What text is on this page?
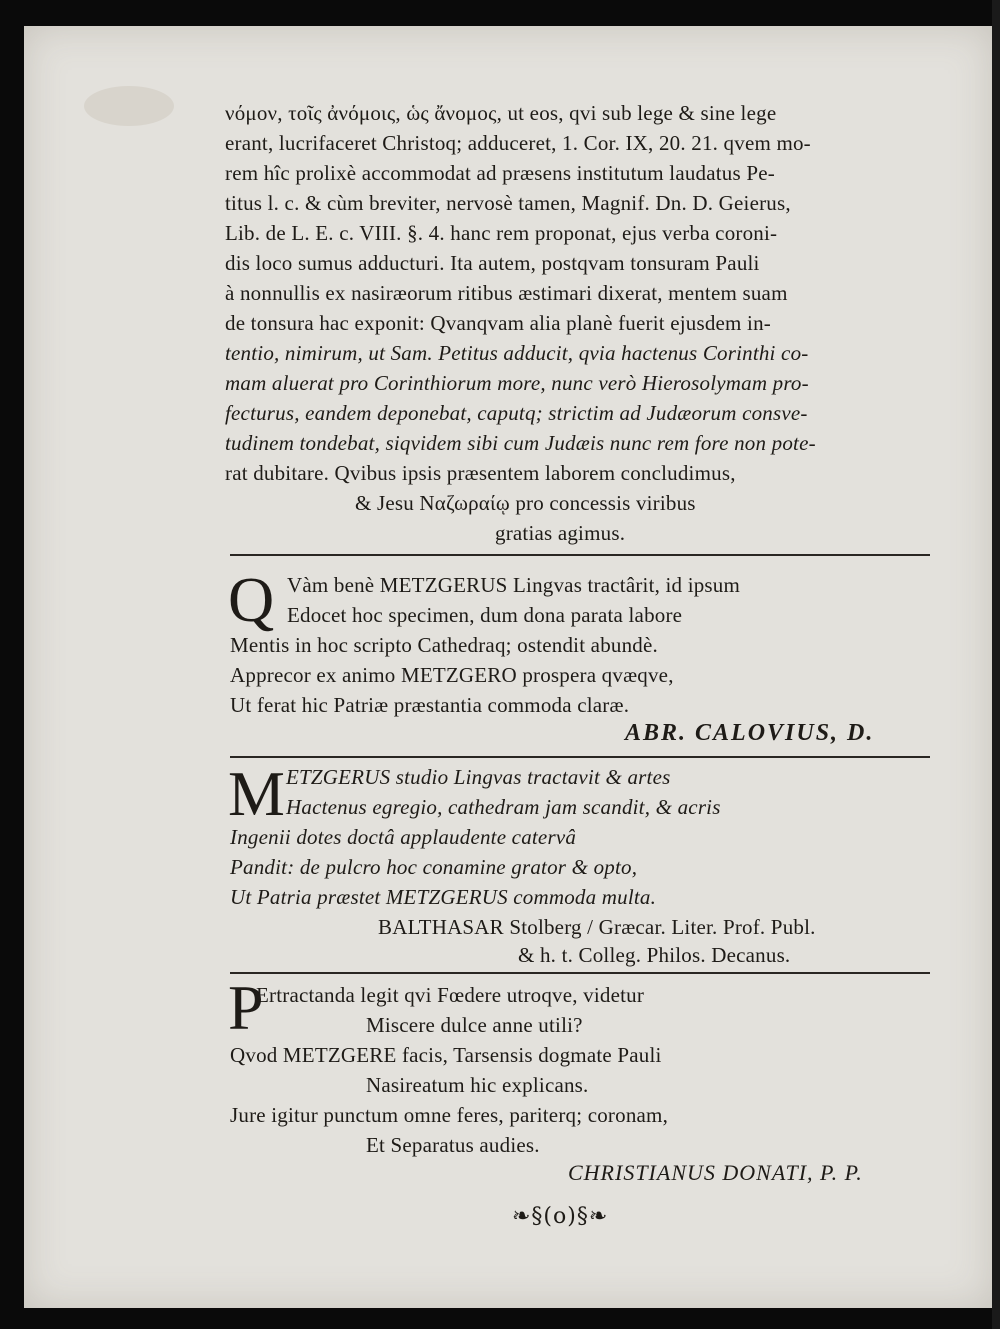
νόμον, τοῖς ἀνόμοις, ὡς ἄνομος, ut eos, qvi sub lege & sine lege
erant, lucrifaceret Christoq; adduceret, 1. Cor. IX, 20. 21. qvem mo-
rem hîc prolixè accommodat ad præsens institutum laudatus Pe-
titus l. c. & cùm breviter, nervosè tamen, Magnif. Dn. D. Geierus,
Lib. de L. E. c. VIII. §. 4. hanc rem proponat, ejus verba coroni-
dis loco sumus adducturi. Ita autem, postqvam tonsuram Pauli
à nonnullis ex nasiræorum ritibus æstimari dixerat, mentem suam
de tonsura hac exponit: Qvanqvam alia planè fuerit ejusdem in-
tentio, nimirum, ut Sam. Petitus adducit, qvia hactenus Corinthi co-
mam aluerat pro Corinthiorum more, nunc verò Hierosolymam pro-
fecturus, eandem deponebat, caputq; strictim ad Judæorum consve-
tudinem tondebat, siqvidem sibi cum Judæis nunc rem fore non pote-
rat dubitare. Qvibus ipsis præsentem laborem concludimus,
& Jesu Ναζωραίῳ pro concessis viribus
gratias agimus.
Q Vàm benè METZGERUS Lingvas tractârit, id ipsum
Edocet hoc specimen, dum dona parata labore
Mentis in hoc scripto Cathedraq; ostendit abundè.
Apprecor ex animo METZGERO prospera qvæqve,
Ut ferat hic Patriæ præstantia commoda claræ.
ABR. CALOVIUS, D.
M ETZGERUS studio Lingvas tractavit & artes
Hactenus egregio, cathedram jam scandit, & acris
Ingenii dotes doctâ applaudente catervâ
Pandit: de pulcro hoc conamine grator & opto,
Ut Patria præstet METZGERUS commoda multa.
BALTHASAR Stolberg / Græcar. Liter. Prof. Publ.
& h. t. Colleg. Philos. Decanus.
P
Ertractanda legit qvi Fœdere utroqve, videtur
Miscere dulce anne utili?
Qvod METZGERE facis, Tarsensis dogmate Pauli
Nasireatum hic explicans.
Jure igitur punctum omne feres, pariterq; coronam,
Et Separatus audies.
CHRISTIANUS DONATI, P. P.
❧§(o)§❧
